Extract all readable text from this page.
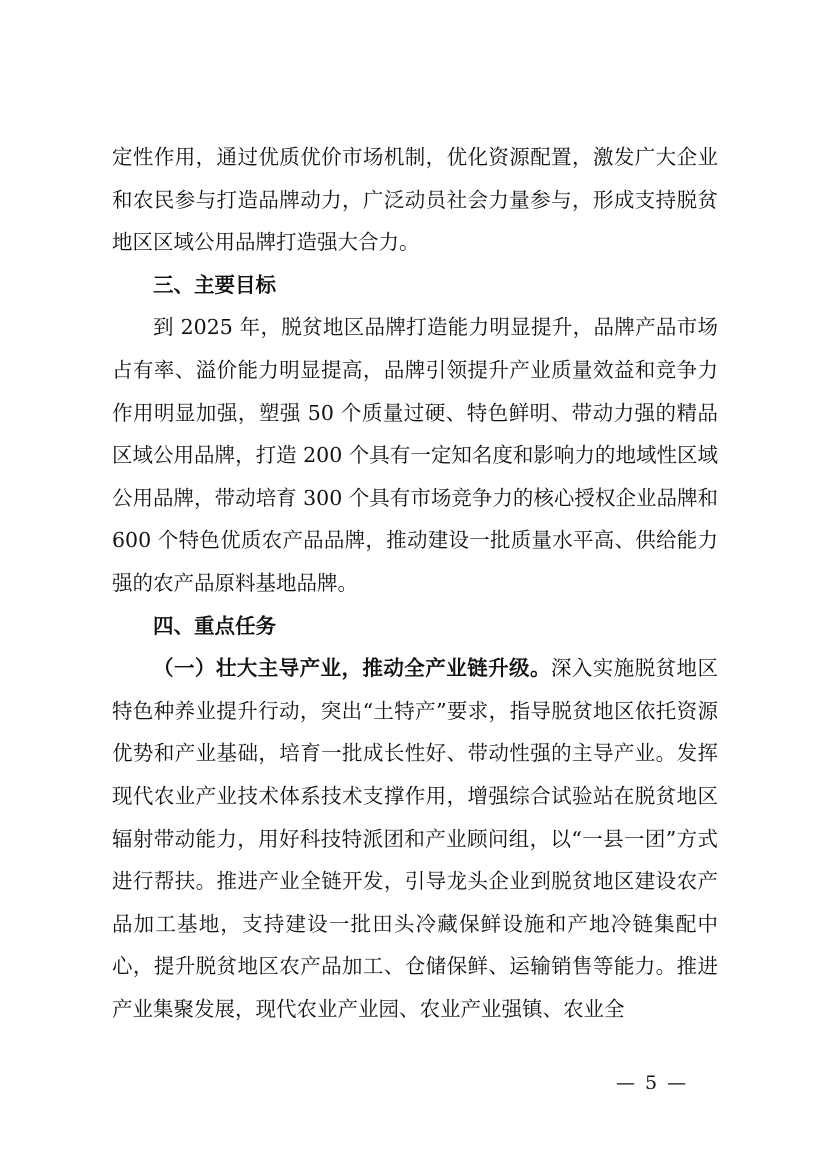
定性作用，通过优质优价市场机制，优化资源配置，激发广大企业和农民参与打造品牌动力，广泛动员社会力量参与，形成支持脱贫地区区域公用品牌打造强大合力。

三、主要目标

到 2025 年，脱贫地区品牌打造能力明显提升，品牌产品市场占有率、溢价能力明显提高，品牌引领提升产业质量效益和竞争力作用明显加强，塑强 50 个质量过硬、特色鲜明、带动力强的精品区域公用品牌，打造 200 个具有一定知名度和影响力的地域性区域公用品牌，带动培育 300 个具有市场竞争力的核心授权企业品牌和 600 个特色优质农产品品牌，推动建设一批质量水平高、供给能力强的农产品原料基地品牌。

四、重点任务

（一）壮大主导产业，推动全产业链升级。深入实施脱贫地区特色种养业提升行动，突出“土特产”要求，指导脱贫地区依托资源优势和产业基础，培育一批成长性好、带动性强的主导产业。发挥现代农业产业技术体系技术支撑作用，增强综合试验站在脱贫地区辐射带动能力，用好科技特派团和产业顾问组，以“一县一团”方式进行帮扶。推进产业全链开发，引导龙头企业到脱贫地区建设农产品加工基地，支持建设一批田头冷藏保鲜设施和产地冷链集配中心，提升脱贫地区农产品加工、仓储保鲜、运输销售等能力。推进产业集聚发展，现代农业产业园、农业产业强镇、农业全

— 5 —
